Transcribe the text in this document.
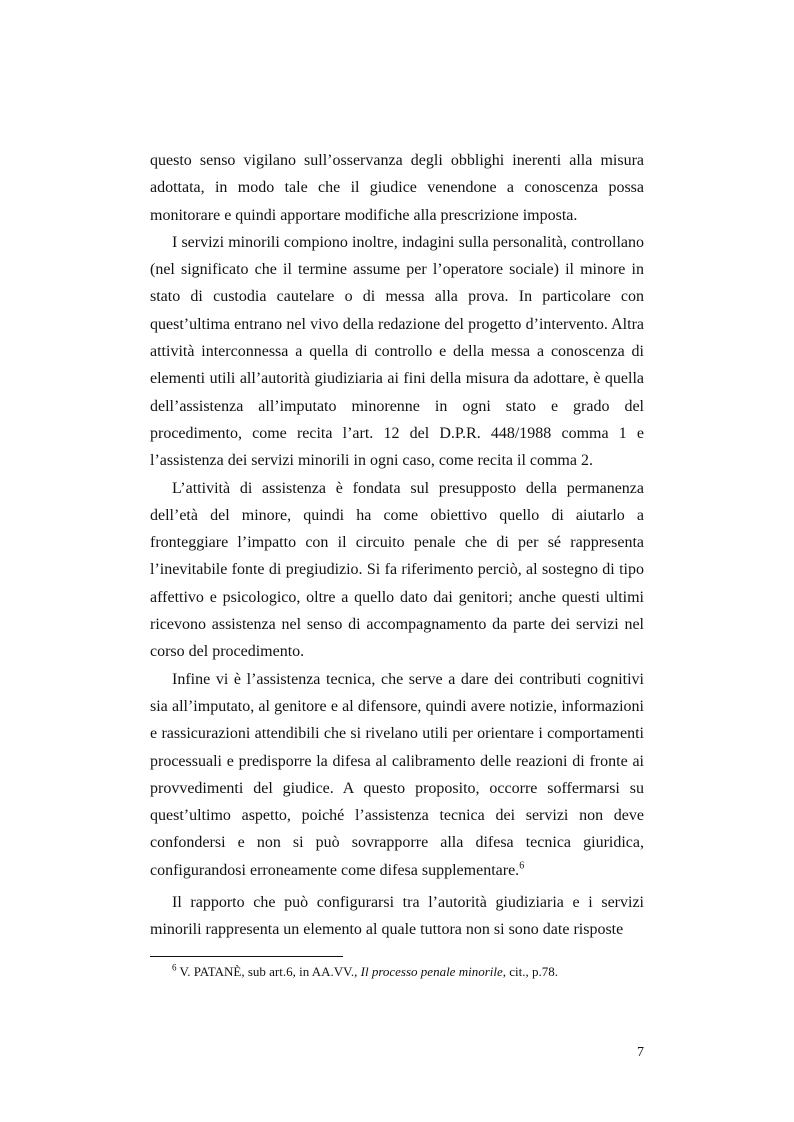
questo senso vigilano sull’osservanza degli obblighi inerenti alla misura adottata, in modo tale che il giudice venendone a conoscenza possa monitorare e quindi apportare modifiche alla prescrizione imposta.

I servizi minorili compiono inoltre, indagini sulla personalità, controllano (nel significato che il termine assume per l’operatore sociale) il minore in stato di custodia cautelare o di messa alla prova. In particolare con quest’ultima entrano nel vivo della redazione del progetto d’intervento. Altra attività interconnessa a quella di controllo e della messa a conoscenza di elementi utili all’autorità giudiziaria ai fini della misura da adottare, è quella dell’assistenza all’imputato minorenne in ogni stato e grado del procedimento, come recita l’art. 12 del D.P.R. 448/1988 comma 1 e l’assistenza dei servizi minorili in ogni caso, come recita il comma 2.

L’attività di assistenza è fondata sul presupposto della permanenza dell’età del minore, quindi ha come obiettivo quello di aiutarlo a fronteggiare l’impatto con il circuito penale che di per sé rappresenta l’inevitabile fonte di pregiudizio. Si fa riferimento perciò, al sostegno di tipo affettivo e psicologico, oltre a quello dato dai genitori; anche questi ultimi ricevono assistenza nel senso di accompagnamento da parte dei servizi nel corso del procedimento.

Infine vi è l’assistenza tecnica, che serve a dare dei contributi cognitivi sia all’imputato, al genitore e al difensore, quindi avere notizie, informazioni e rassicurazioni attendibili che si rivelano utili per orientare i comportamenti processuali e predisporre la difesa al calibramento delle reazioni di fronte ai provvedimenti del giudice. A questo proposito, occorre soffermarsi su quest’ultimo aspetto, poiché l’assistenza tecnica dei servizi non deve confondersi e non si può sovrapporre alla difesa tecnica giuridica, configurandosi erroneamente come difesa supplementare.$^6$

Il rapporto che può configurarsi tra l’autorità giudiziaria e i servizi minorili rappresenta un elemento al quale tuttora non si sono date risposte

$^6$ V. PATANÈ, sub art.6, in AA.VV., Il processo penale minorile, cit., p.78.
7
